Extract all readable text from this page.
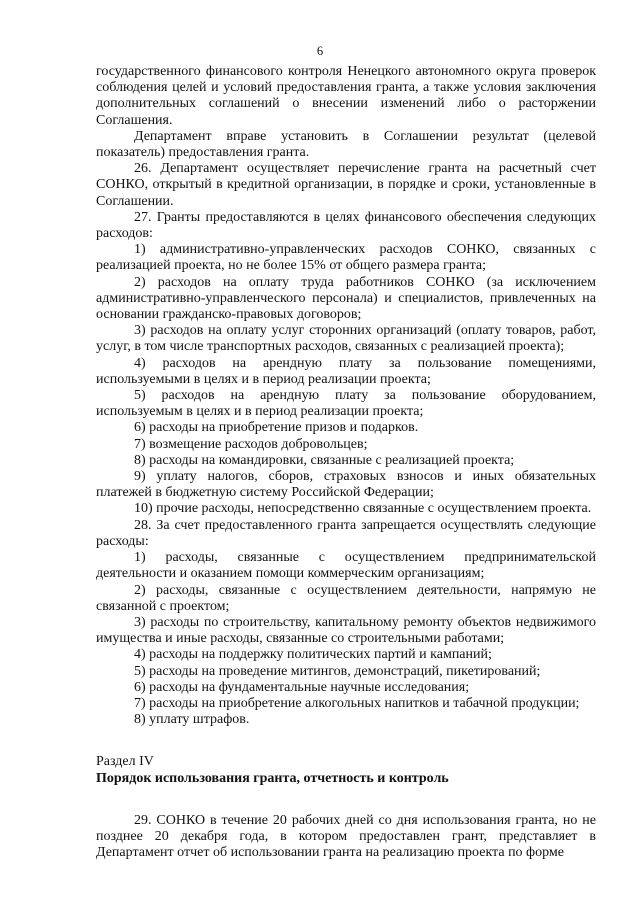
6

государственного финансового контроля Ненецкого автономного округа проверок соблюдения целей и условий предоставления гранта, а также условия заключения дополнительных соглашений о внесении изменений либо о расторжении Соглашения.

Департамент вправе установить в Соглашении результат (целевой показатель) предоставления гранта.

26. Департамент осуществляет перечисление гранта на расчетный счет СОНКО, открытый в кредитной организации, в порядке и сроки, установленные в Соглашении.

27. Гранты предоставляются в целях финансового обеспечения следующих расходов:

1) административно-управленческих расходов СОНКО, связанных с реализацией проекта, но не более 15% от общего размера гранта;

2) расходов на оплату труда работников СОНКО (за исключением административно-управленческого персонала) и специалистов, привлеченных на основании гражданско-правовых договоров;

3) расходов на оплату услуг сторонних организаций (оплату товаров, работ, услуг, в том числе транспортных расходов, связанных с реализацией проекта);

4) расходов на арендную плату за пользование помещениями, используемыми в целях и в период реализации проекта;

5) расходов на арендную плату за пользование оборудованием, используемым в целях и в период реализации проекта;

6) расходы на приобретение призов и подарков.

7) возмещение расходов добровольцев;

8) расходы на командировки, связанные с реализацией проекта;

9) уплату налогов, сборов, страховых взносов и иных обязательных платежей в бюджетную систему Российской Федерации;

10) прочие расходы, непосредственно связанные с осуществлением проекта.

28. За счет предоставленного гранта запрещается осуществлять следующие расходы:

1) расходы, связанные с осуществлением предпринимательской деятельности и оказанием помощи коммерческим организациям;

2) расходы, связанные с осуществлением деятельности, напрямую не связанной с проектом;

3) расходы по строительству, капитальному ремонту объектов недвижимого имущества и иные расходы, связанные со строительными работами;

4) расходы на поддержку политических партий и кампаний;

5) расходы на проведение митингов, демонстраций, пикетирований;

6) расходы на фундаментальные научные исследования;

7) расходы на приобретение алкогольных напитков и табачной продукции;

8) уплату штрафов.

Раздел IV

Порядок использования гранта, отчетность и контроль

29. СОНКО в течение 20 рабочих дней со дня использования гранта, но не позднее 20 декабря года, в котором предоставлен грант, представляет в Департамент отчет об использовании гранта на реализацию проекта по форме
